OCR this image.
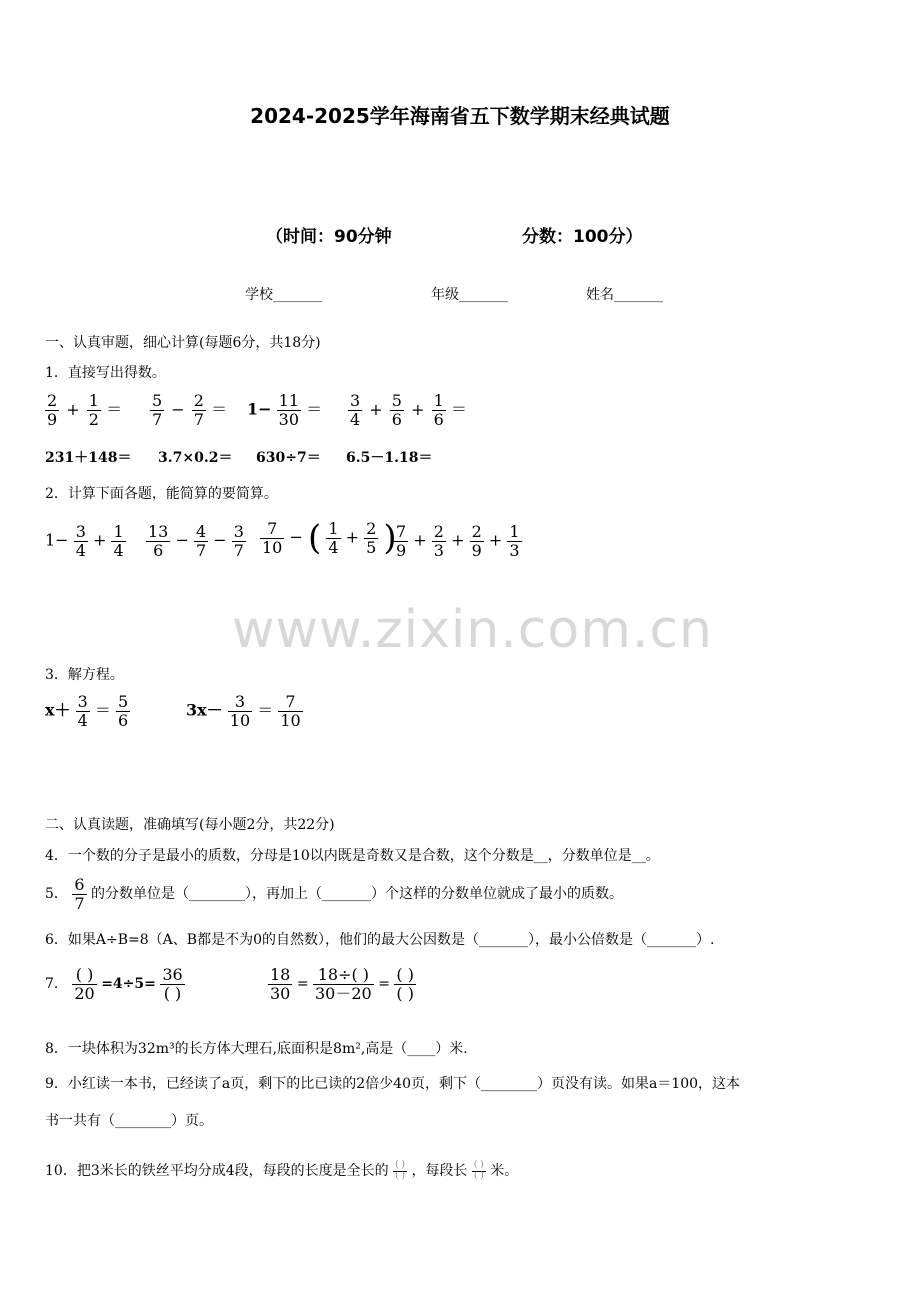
2024-2025学年海南省五下数学期末经典试题
（时间：90分钟	分数：100分）
学校_______	年级_______	姓名_______
www.zixin.com.cn
一、认真审题，细心计算(每题6分，共18分)
1．直接写出得数。
$\frac{2}{9} + \frac{1}{2} = \frac{5}{7} - \frac{2}{7} = 1- \frac{11}{30} = \frac{3}{4} + \frac{5}{6} + \frac{1}{6}$ ＝
231＋148＝ 3.7×0.2＝ 630÷7＝ 6.5－1.18＝
2．计算下面各题，能简算的要简算。
$1- \frac{3}{4} + \frac{1}{4} \frac{13}{6} - \frac{4}{7} - \frac{3}{7} \frac{7}{10}$ − ( $\frac{1}{4} + \frac{2}{5}$ )
$\frac{7}{9} + \frac{2}{3} + \frac{2}{9} + \frac{1}{3}$
3．解方程。
$x+ \frac{3}{4} = \frac{5}{6}$	$3x- \frac{3}{10} = \frac{7}{10}$
二、认真读题，准确填写(每小题2分，共22分)
4．一个数的分子是最小的质数，分母是10以内既是奇数又是合数，这个分数是__，分数单位是__。
5． $\frac{6}{7}$ 的分数单位是（________），再加上（_______）个这样的分数单位就成了最小的质数。
6．如果A÷B=8（A、B都是不为0的自然数），他们的最大公因数是（_______），最小公倍数是（_______）.
7．
( )
20 =4÷5=
36
( )	$\frac{18}{30} = \frac{18\div( )}{30-20}$ =
( )
( )
8．一块体积为32m³的长方体大理石,底面积是8m²,高是（____）米.
9．小红读一本书，已经读了a页，剩下的比已读的2倍少40页，剩下（________）页没有读。如果a＝100，这本
书一共有（________）页。
10．把3米长的铁丝平均分成4段，每段的长度是全长的 ( )
( ) ，每段长 ( )
( ) 米。
